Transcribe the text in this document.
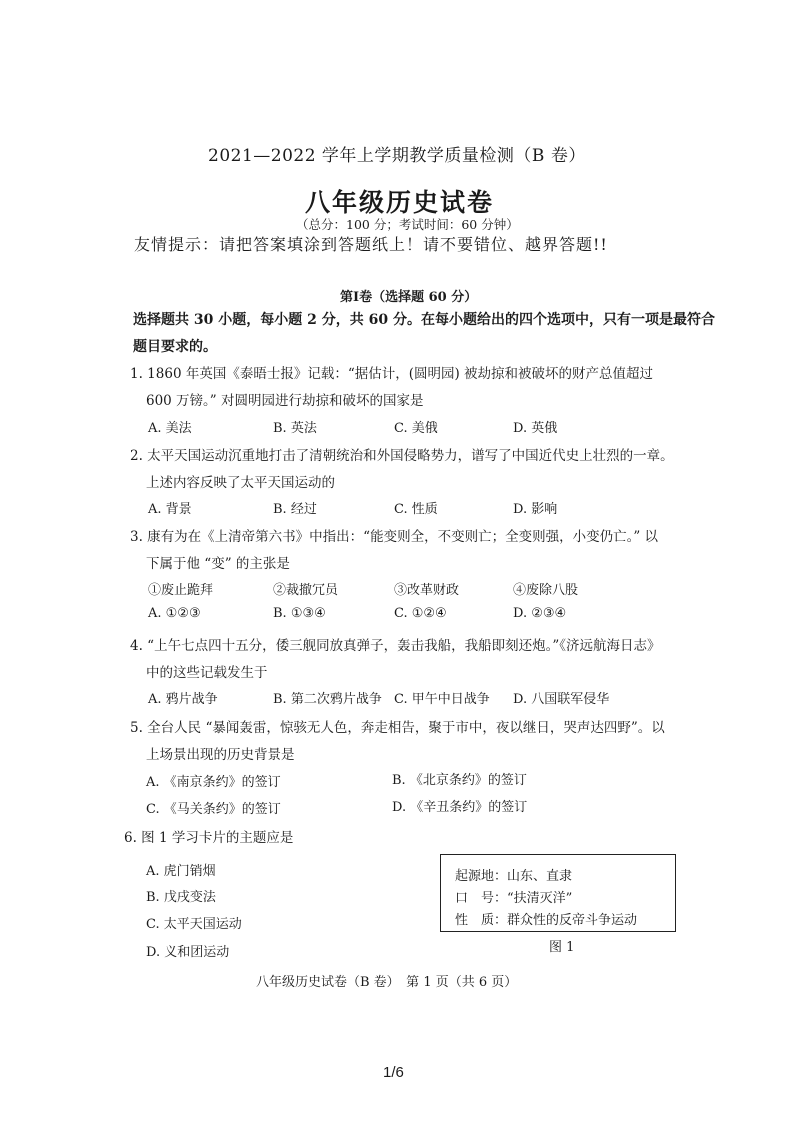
2021—2022 学年上学期教学质量检测（B 卷）
八年级历史试卷
（总分：100 分；考试时间：60 分钟）
友情提示：请把答案填涂到答题纸上！请不要错位、越界答题!!
第Ⅰ卷（选择题 60 分）
选择题共 30 小题，每小题 2 分，共 60 分。在每小题给出的四个选项中，只有一项是最符合
题目要求的。
1. 1860 年英国《泰晤士报》记载：“据估计，(圆明园) 被劫掠和被破坏的财产总值超过
600 万镑。” 对圆明园进行劫掠和破坏的国家是
A. 美法	B. 英法	C. 美俄	D. 英俄
2. 太平天国运动沉重地打击了清朝统治和外国侵略势力，谱写了中国近代史上壮烈的一章。
上述内容反映了太平天国运动的
A. 背景	B. 经过	C. 性质	D. 影响
3. 康有为在《上清帝第六书》中指出：“能变则全，不变则亡；全变则强，小变仍亡。” 以
下属于他 “变” 的主张是
①废止跪拜	②裁撤冗员	③改革财政	④废除八股
A. ①②③	B. ①③④	C. ①②④	D. ②③④
4. “上午七点四十五分，倭三舰同放真弹子，轰击我船，我船即刻还炮。”《济远航海日志》
中的这些记载发生于
A. 鸦片战争	B. 第二次鸦片战争 C. 甲午中日战争 D. 八国联军侵华
5. 全台人民 “暴闻轰雷，惊骇无人色，奔走相告，聚于市中，夜以继日，哭声达四野”。以
上场景出现的历史背景是
A. 《南京条约》的签订	B. 《北京条约》的签订
C. 《马关条约》的签订	D. 《辛丑条约》的签订
6. 图 1 学习卡片的主题应是
A. 虎门销烟
B. 戊戌变法
C. 太平天国运动
D. 义和团运动
起源地：山东、直隶
口　号：“扶清灭洋”
性　质：群众性的反帝斗争运动
图 1
八年级历史试卷（B 卷）　第 1 页（共 6 页）
1/6
